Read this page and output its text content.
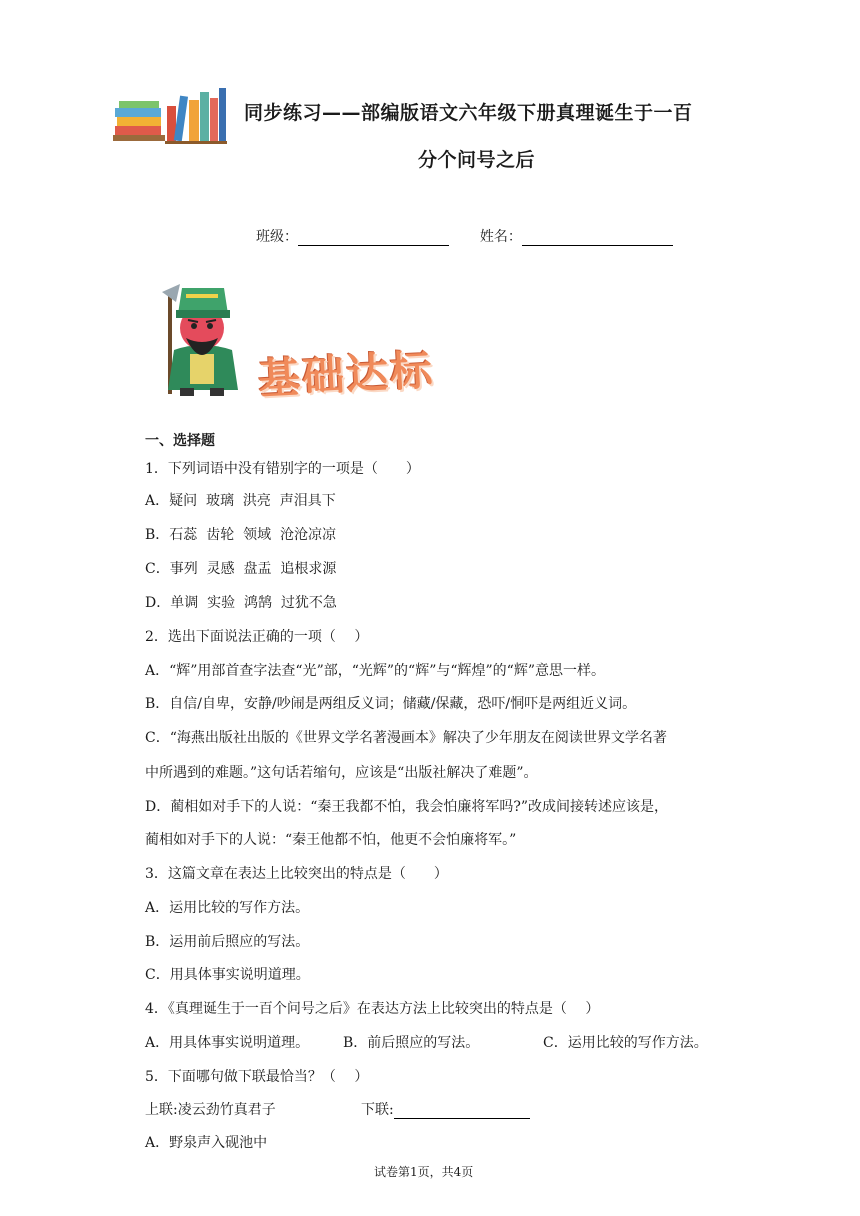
同步练习——部编版语文六年级下册真理诞生于一百
分个问号之后
班级：	姓名：
基础达标
一、选择题
1．下列词语中没有错别字的一项是（　　）
A．疑问  玻璃  洪亮  声泪具下
B．石蕊  齿轮  领域  沧沧凉凉
C．事列  灵感  盘盂  追根求源
D．单调  实验  鸿鹄  过犹不急
2．选出下面说法正确的一项（　 ）
A．“辉”用部首查字法查“光”部，“光辉”的“辉”与“辉煌”的“辉”意思一样。
B．自信/自卑，安静/吵闹是两组反义词；储藏/保藏，恐吓/恫吓是两组近义词。
C．“海燕出版社出版的《世界文学名著漫画本》解决了少年朋友在阅读世界文学名著
中所遇到的难题。”这句话若缩句，应该是“出版社解决了难题”。
D．蔺相如对手下的人说：“秦王我都不怕，我会怕廉将军吗?”改成间接转述应该是，
蔺相如对手下的人说：“秦王他都不怕，他更不会怕廉将军。”
3．这篇文章在表达上比较突出的特点是（　　）
A．运用比较的写作方法。
B．运用前后照应的写法。
C．用具体事实说明道理。
4．《真理诞生于一百个问号之后》在表达方法上比较突出的特点是（　 ）
A．用具体事实说明道理。 B．前后照应的写法。	C．运用比较的写作方法。
5．下面哪句做下联最恰当？（　 ）
上联:凌云劲竹真君子	下联:
A．野泉声入砚池中
试卷第1页，共4页
